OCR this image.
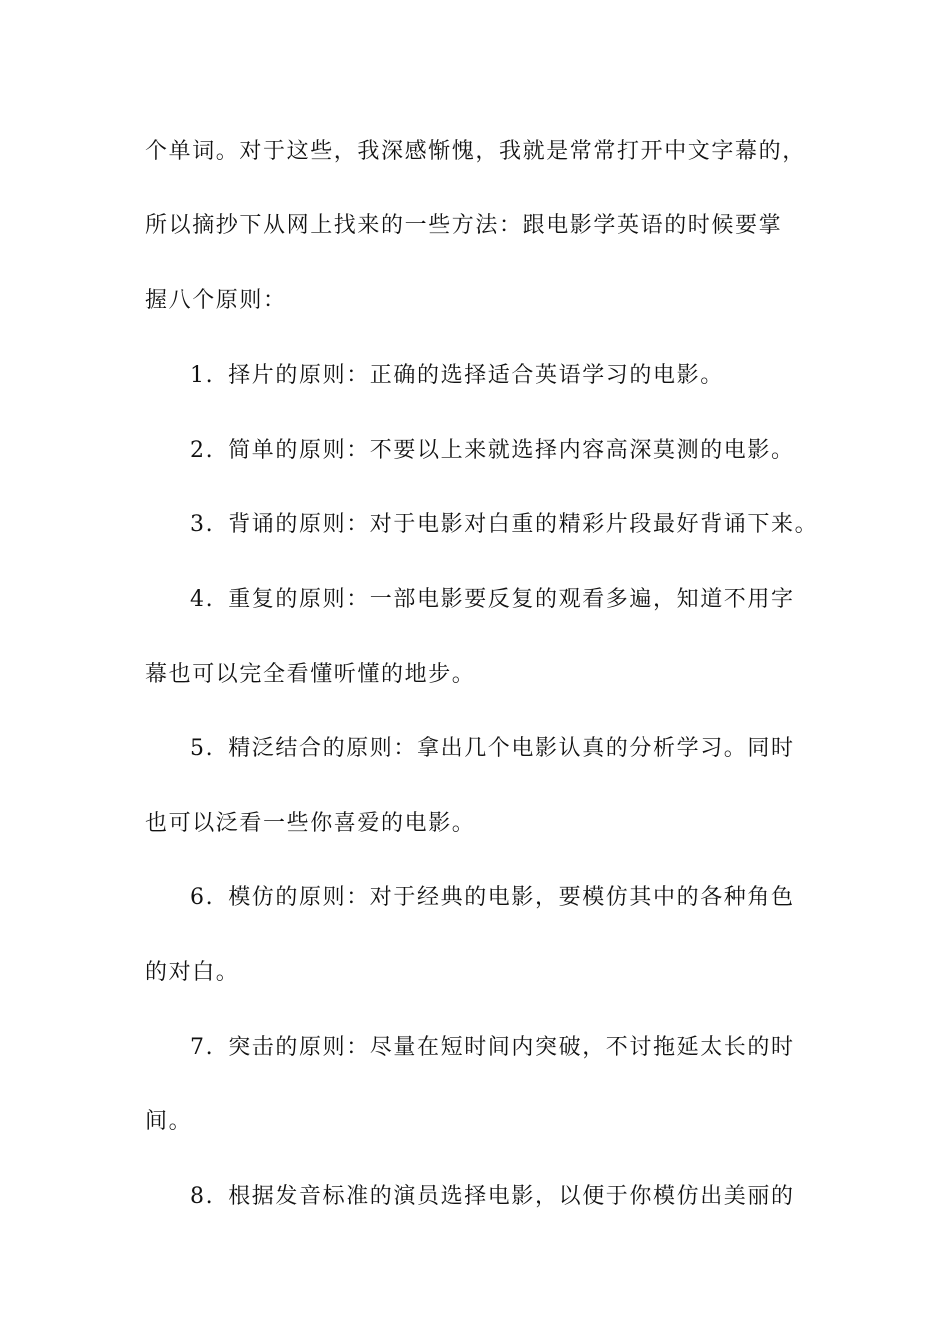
个单词。对于这些，我深感惭愧，我就是常常打开中文字幕的，
所以摘抄下从网上找来的一些方法：跟电影学英语的时候要掌
握八个原则：
1. 择片的原则：正确的选择适合英语学习的电影。
2. 简单的原则：不要以上来就选择内容高深莫测的电影。
3. 背诵的原则：对于电影对白重的精彩片段最好背诵下来。
4. 重复的原则：一部电影要反复的观看多遍，知道不用字
幕也可以完全看懂听懂的地步。
5. 精泛结合的原则：拿出几个电影认真的分析学习。同时
也可以泛看一些你喜爱的电影。
6. 模仿的原则：对于经典的电影，要模仿其中的各种角色
的对白。
7. 突击的原则：尽量在短时间内突破，不讨拖延太长的时
间。
8. 根据发音标准的演员选择电影，以便于你模仿出美丽的
